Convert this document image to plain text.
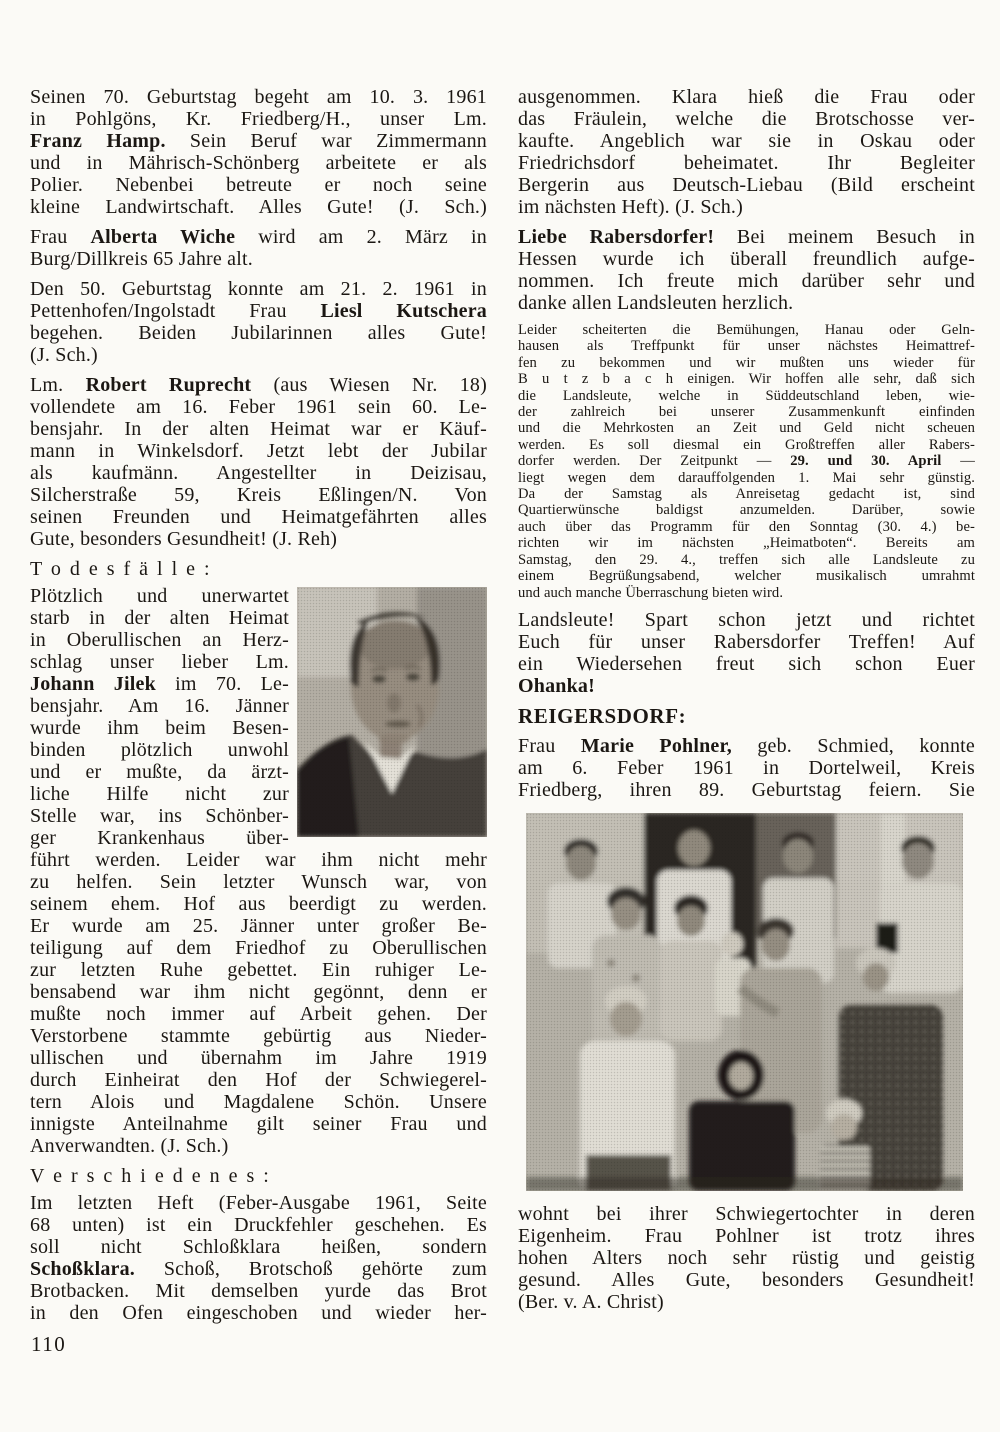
Seinen 70. Geburtstag begeht am 10. 3. 1961
in Pohlgöns, Kr. Friedberg/H., unser Lm.
Franz Hamp. Sein Beruf war Zimmermann
und in Mährisch-Schönberg arbeitete er als
Polier. Nebenbei betreute er noch seine
kleine Landwirtschaft. Alles Gute! (J. Sch.)
Frau Alberta Wiche wird am 2. März in
Burg/Dillkreis 65 Jahre alt.
Den 50. Geburtstag konnte am 21. 2. 1961 in
Pettenhofen/Ingolstadt Frau Liesl Kutschera
begehen. Beiden Jubilarinnen alles Gute!
(J. Sch.)
Lm. Robert Ruprecht (aus Wiesen Nr. 18)
vollendete am 16. Feber 1961 sein 60. Le-
bensjahr. In der alten Heimat war er Käuf-
mann in Winkelsdorf. Jetzt lebt der Jubilar
als kaufmänn. Angestellter in Deizisau,
Silcherstraße 59, Kreis Eßlingen/N. Von
seinen Freunden und Heimatgefährten alles
Gute, besonders Gesundheit! (J. Reh)
T o d e s f ä l l e :
Plötzlich und unerwartet
starb in der alten Heimat
in Oberullischen an Herz-
schlag unser lieber Lm.
Johann Jilek im 70. Le-
bensjahr. Am 16. Jänner
wurde ihm beim Besen-
binden plötzlich unwohl
und er mußte, da ärzt-
liche Hilfe nicht zur
Stelle war, ins Schönber-
ger Krankenhaus über-
führt werden. Leider war ihm nicht mehr
zu helfen. Sein letzter Wunsch war, von
seinem ehem. Hof aus beerdigt zu werden.
Er wurde am 25. Jänner unter großer Be-
teiligung auf dem Friedhof zu Oberullischen
zur letzten Ruhe gebettet. Ein ruhiger Le-
bensabend war ihm nicht gegönnt, denn er
mußte noch immer auf Arbeit gehen. Der
Verstorbene stammte gebürtig aus Nieder-
ullischen und übernahm im Jahre 1919
durch Einheirat den Hof der Schwiegerel-
tern Alois und Magdalene Schön. Unsere
innigste Anteilnahme gilt seiner Frau und
Anverwandten. (J. Sch.)
V e r s c h i e d e n e s :
Im letzten Heft (Feber-Ausgabe 1961, Seite
68 unten) ist ein Druckfehler geschehen. Es
soll nicht Schloßklara heißen, sondern
Schoßklara. Schoß, Brotschoß gehörte zum
Brotbacken. Mit demselben yurde das Brot
in den Ofen eingeschoben und wieder her-
ausgenommen. Klara hieß die Frau oder
das Fräulein, welche die Brotschosse ver-
kaufte. Angeblich war sie in Oskau oder
Friedrichsdorf beheimatet. Ihr Begleiter
Bergerin aus Deutsch-Liebau (Bild erscheint
im nächsten Heft). (J. Sch.)
Liebe Rabersdorfer! Bei meinem Besuch in
Hessen wurde ich überall freundlich aufge-
nommen. Ich freute mich darüber sehr und
danke allen Landsleuten herzlich.
Leider scheiterten die Bemühungen, Hanau oder Geln-
hausen als Treffpunkt für unser nächstes Heimattref-
fen zu bekommen und wir mußten uns wieder für
B u t z b a c h einigen. Wir hoffen alle sehr, daß sich
die Landsleute, welche in Süddeutschland leben, wie-
der zahlreich bei unserer Zusammenkunft einfinden
und die Mehrkosten an Zeit und Geld nicht scheuen
werden. Es soll diesmal ein Großtreffen aller Rabers-
dorfer werden. Der Zeitpunkt — 29. und 30. April —
liegt wegen dem darauffolgenden 1. Mai sehr günstig.
Da der Samstag als Anreisetag gedacht ist, sind
Quartierwünsche baldigst anzumelden. Darüber, sowie
auch über das Programm für den Sonntag (30. 4.) be-
richten wir im nächsten „Heimatboten“. Bereits am
Samstag, den 29. 4., treffen sich alle Landsleute zu
einem Begrüßungsabend, welcher musikalisch umrahmt
und auch manche Überraschung bieten wird.
Landsleute! Spart schon jetzt und richtet
Euch für unser Rabersdorfer Treffen! Auf
ein Wiedersehen freut sich schon Euer
Ohanka!
REIGERSDORF:
Frau Marie Pohlner, geb. Schmied, konnte
am 6. Feber 1961 in Dortelweil, Kreis
Friedberg, ihren 89. Geburtstag feiern. Sie
wohnt bei ihrer Schwiegertochter in deren
Eigenheim. Frau Pohlner ist trotz ihres
hohen Alters noch sehr rüstig und geistig
gesund. Alles Gute, besonders Gesundheit!
(Ber. v. A. Christ)
110
